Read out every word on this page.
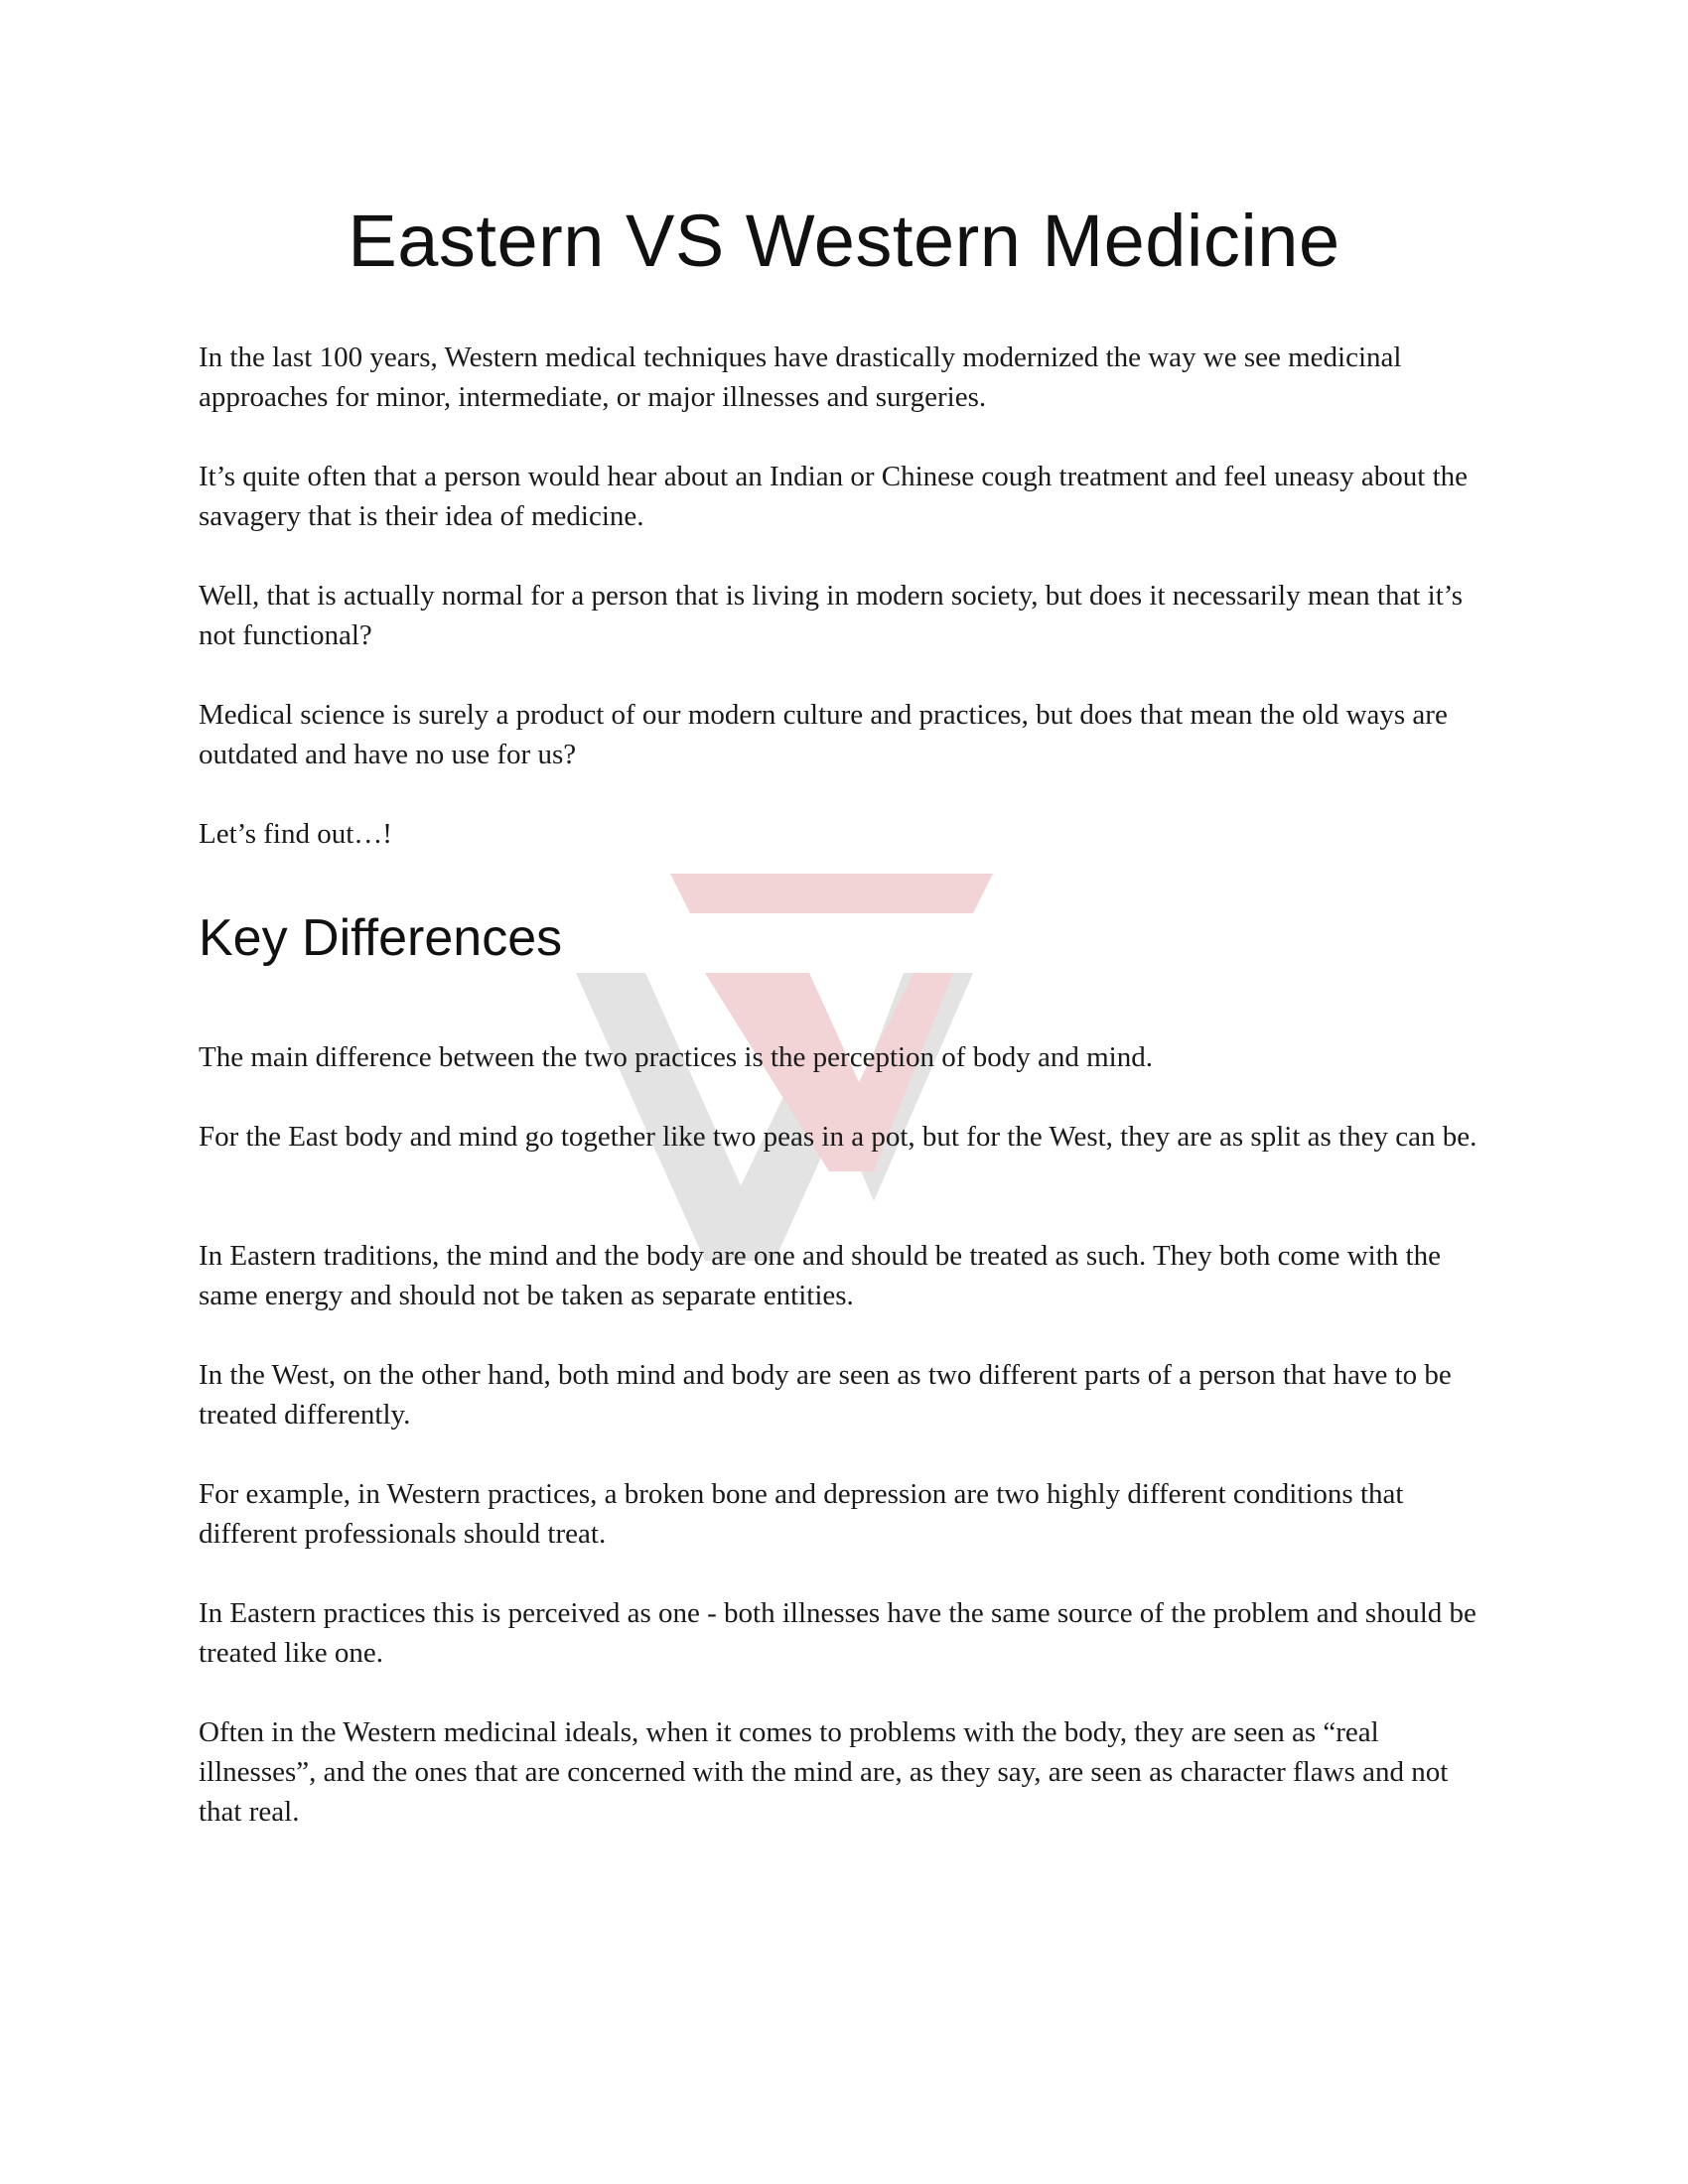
Eastern VS Western Medicine

In the last 100 years, Western medical techniques have drastically modernized the way we see medicinal approaches for minor, intermediate, or major illnesses and surgeries.

It’s quite often that a person would hear about an Indian or Chinese cough treatment and feel uneasy about the savagery that is their idea of medicine.

Well, that is actually normal for a person that is living in modern society, but does it necessarily mean that it’s not functional?

Medical science is surely a product of our modern culture and practices, but does that mean the old ways are outdated and have no use for us?

Let’s find out…!

Key Differences

The main difference between the two practices is the perception of body and mind.

For the East body and mind go together like two peas in a pot, but for the West, they are as split as they can be.

In Eastern traditions, the mind and the body are one and should be treated as such. They both come with the same energy and should not be taken as separate entities.

In the West, on the other hand, both mind and body are seen as two different parts of a person that have to be treated differently.

For example, in Western practices, a broken bone and depression are two highly different conditions that different professionals should treat.

In Eastern practices this is perceived as one - both illnesses have the same source of the problem and should be treated like one.

Often in the Western medicinal ideals, when it comes to problems with the body, they are seen as “real illnesses”, and the ones that are concerned with the mind are, as they say, are seen as character flaws and not that real.
